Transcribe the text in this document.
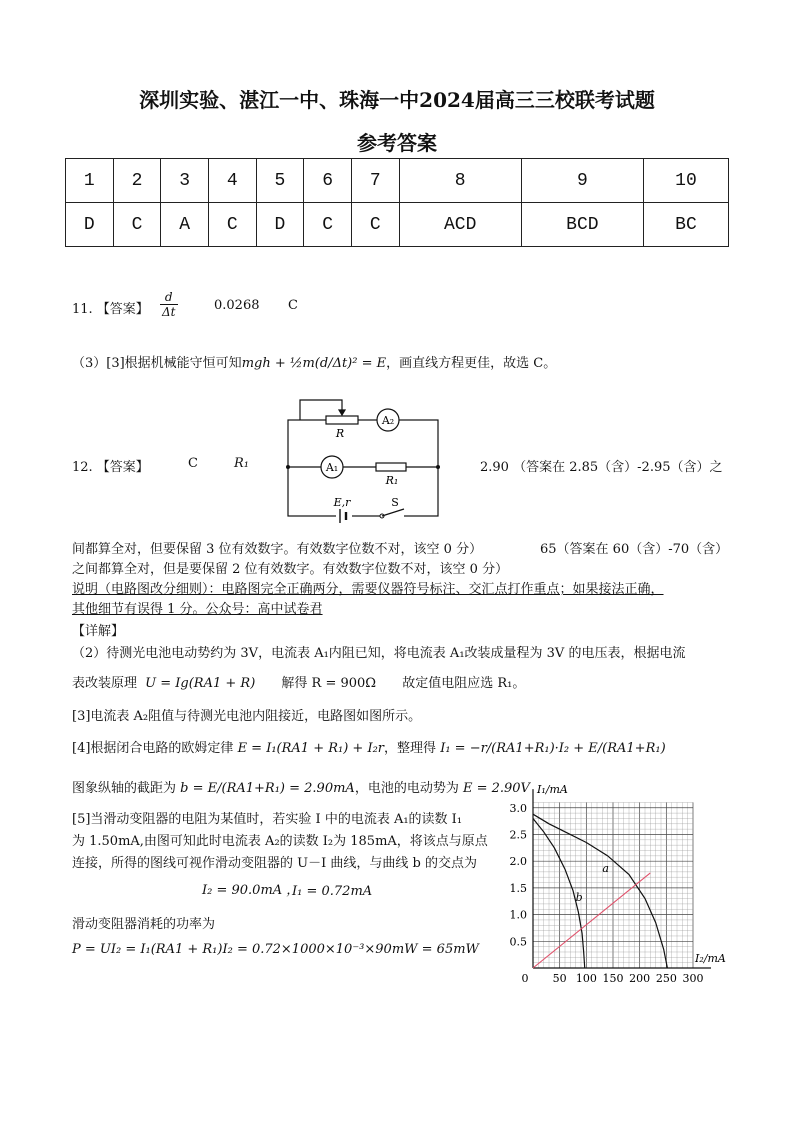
深圳实验、湛江一中、珠海一中2024届高三三校联考试题
参考答案
1	2	3	4	5	6	7	8	9	10
D	C	A	C	D	C	C	ACD	BCD	BC
11. 【答案】 $\frac{d}{\Delta t}$	0.0268 C
（3）[3]根据机械能守恒可知mgh + ½m(d/Δt)² = E，画直线方程更佳，故选 C。
12. 【答案】	C	R₁
A₂
R
A₁
R₁
E,r	S
2.90 （答案在 2.85（含）-2.95（含）之
间都算全对，但要保留 3 位有效数字。有效数字位数不对，该空 0 分）	65（答案在 60（含）-70（含）
之间都算全对，但是要保留 2 位有效数字。有效数字位数不对，该空 0 分）
说明（电路图改分细则）：电路图完全正确两分，需要仪器符号标注、交汇点打作重点；如果接法正确，
其他细节有误得 1 分。公众号：高中试卷君
【详解】
（2）待测光电池电动势约为 3V，电流表 A₁内阻已知，将电流表 A₁改装成量程为 3V 的电压表，根据电流
表改装原理 U = Ig(RA1 + R) 解得 R = 900Ω 故定值电阻应选 R₁。
[3]电流表 A₂阻值与待测光电池内阻接近，电路图如图所示。
[4]根据闭合电路的欧姆定律 E = I₁(RA1 + R₁) + I₂r，整理得 I₁ = −r/(RA1+R₁)·I₂ + E/(RA1+R₁)
图象纵轴的截距为 b = E/(RA1+R₁) = 2.90mA，电池的电动势为 E = 2.90V
[5]当滑动变阻器的电阻为某值时，若实验 I 中的电流表 A₁的读数 I₁
为 1.50mA,由图可知此时电流表 A₂的读数 I₂为 185mA，将该点与原点
连接，所得的图线可视作滑动变阻器的 U－I 曲线，与曲线 b 的交点为
I₂ = 90.0mA ，
I₁ = 0.72mA
滑动变阻器消耗的功率为
P = UI₂ = I₁(RA1 + R₁)I₂ = 0.72×1000×10⁻³×90mW = 65mW
a
b
0 50 100 150 200 250 300
0.5
1.0
1.5
2.0
2.5
3.0
I₁/mA
I₂/mA
